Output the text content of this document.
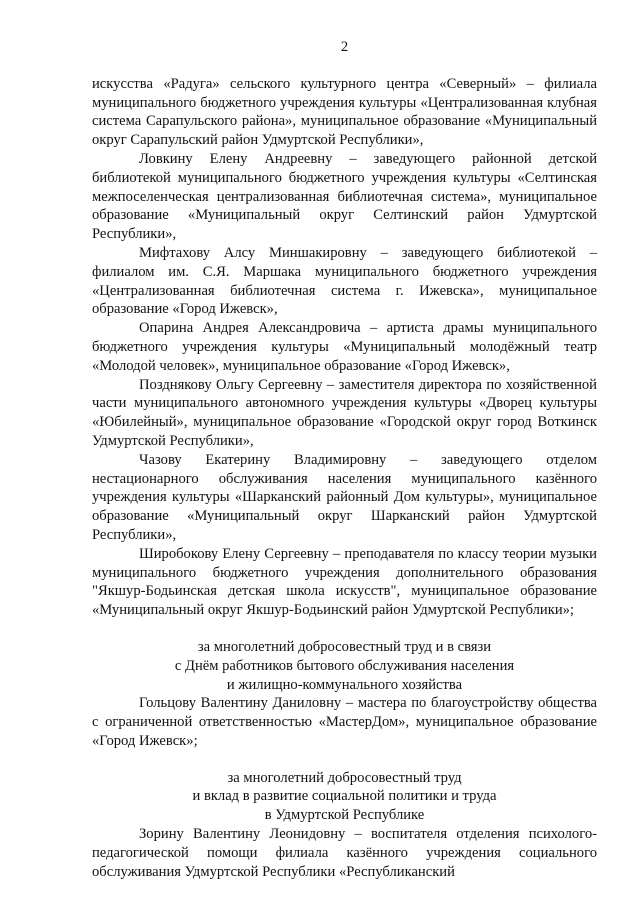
2

искусства «Радуга» сельского культурного центра «Северный» – филиала муниципального бюджетного учреждения культуры «Централизованная клубная система Сарапульского района», муниципальное образование «Муниципальный округ Сарапульский район Удмуртской Республики»,

Ловкину Елену Андреевну – заведующего районной детской библиотекой муниципального бюджетного учреждения культуры «Селтинская межпоселенческая централизованная библиотечная система», муниципальное образование «Муниципальный округ Селтинский район Удмуртской Республики»,

Мифтахову Алсу Миншакировну – заведующего библиотекой – филиалом им. С.Я. Маршака муниципального бюджетного учреждения «Централизованная библиотечная система г. Ижевска», муниципальное образование «Город Ижевск»,

Опарина Андрея Александровича – артиста драмы муниципального бюджетного учреждения культуры «Муниципальный молодёжный театр «Молодой человек», муниципальное образование «Город Ижевск»,

Позднякову Ольгу Сергеевну – заместителя директора по хозяйственной части муниципального автономного учреждения культуры «Дворец культуры «Юбилейный», муниципальное образование «Городской округ город Воткинск Удмуртской Республики»,

Чазову Екатерину Владимировну – заведующего отделом нестационарного обслуживания населения муниципального казённого учреждения культуры «Шарканский районный Дом культуры», муниципальное образование «Муниципальный округ Шарканский район Удмуртской Республики»,

Широбокову Елену Сергеевну – преподавателя по классу теории музыки муниципального бюджетного учреждения дополнительного образования "Якшур-Бодьинская детская школа искусств", муниципальное образование «Муниципальный округ Якшур-Бодьинский район Удмуртской Республики»;

за многолетний добросовестный труд и в связи
с Днём работников бытового обслуживания населения
и жилищно-коммунального хозяйства

Гольцову Валентину Даниловну – мастера по благоустройству общества с ограниченной ответственностью «МастерДом», муниципальное образование «Город Ижевск»;

за многолетний добросовестный труд
и вклад в развитие социальной политики и труда
в Удмуртской Республике

Зорину Валентину Леонидовну – воспитателя отделения психолого-педагогической помощи филиала казённого учреждения социального обслуживания Удмуртской Республики «Республиканский
